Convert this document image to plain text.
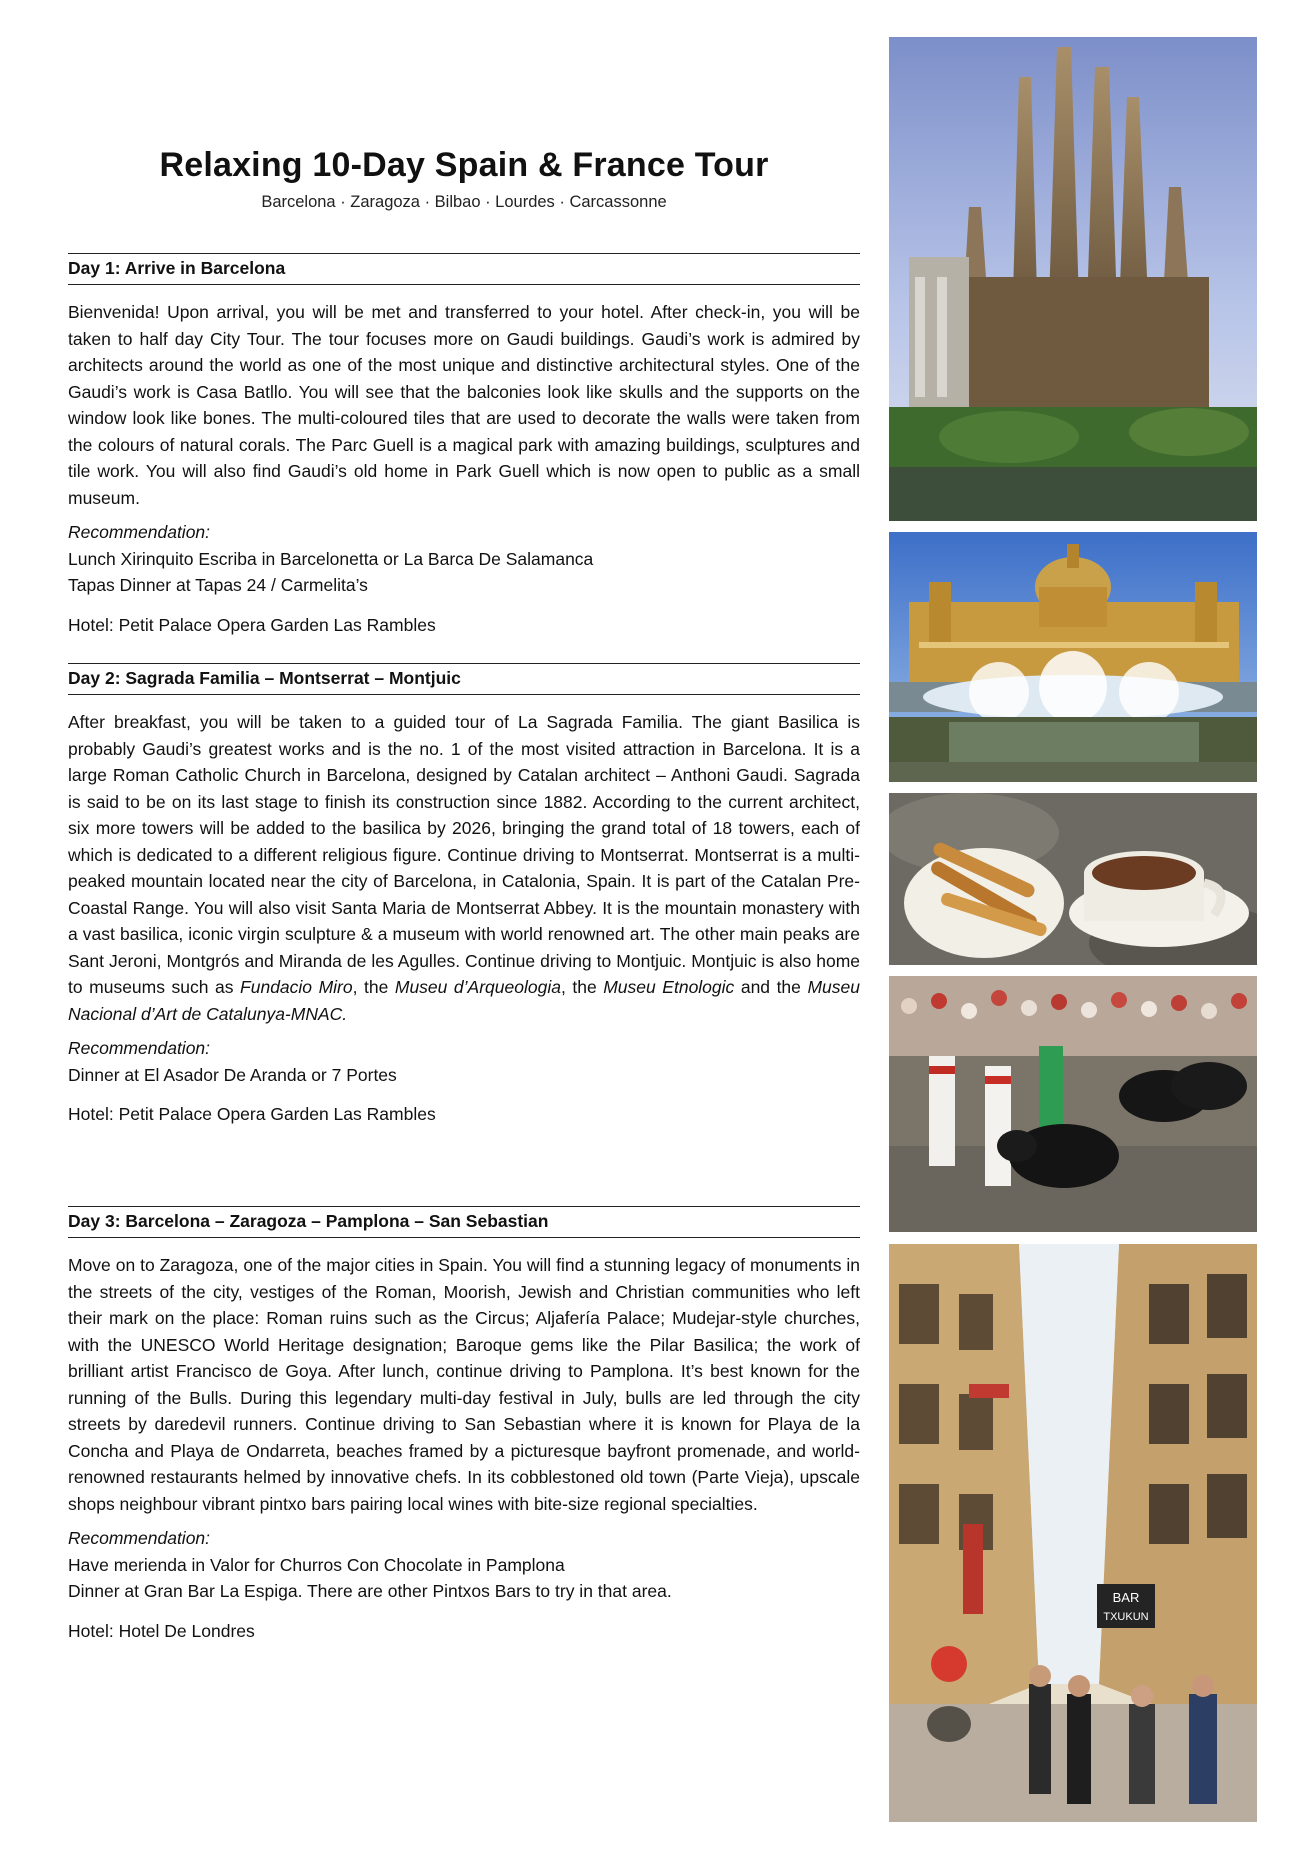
Relaxing 10-Day Spain & France Tour
Barcelona · Zaragoza · Bilbao · Lourdes · Carcassonne
Day 1: Arrive in Barcelona

Bienvenida! Upon arrival, you will be met and transferred to your hotel. After check-in, you will be taken to half day City Tour. The tour focuses more on Gaudi buildings. Gaudi’s work is admired by architects around the world as one of the most unique and distinctive architectural styles. One of the Gaudi’s work is Casa Batllo. You will see that the balconies look like skulls and the supports on the window look like bones. The multi-coloured tiles that are used to decorate the walls were taken from the colours of natural corals. The Parc Guell is a magical park with amazing buildings, sculptures and tile work. You will also find Gaudi’s old home in Park Guell which is now open to public as a small museum.

Recommendation:
Lunch Xirinquito Escriba in Barcelonetta or La Barca De Salamanca
Tapas Dinner at Tapas 24 / Carmelita’s
Hotel: Petit Palace Opera Garden Las Rambles
Day 2: Sagrada Familia – Montserrat – Montjuic

After breakfast, you will be taken to a guided tour of La Sagrada Familia. The giant Basilica is probably Gaudi’s greatest works and is the no. 1 of the most visited attraction in Barcelona. It is a large Roman Catholic Church in Barcelona, designed by Catalan architect – Anthoni Gaudi. Sagrada is said to be on its last stage to finish its construction since 1882. According to the current architect, six more towers will be added to the basilica by 2026, bringing the grand total of 18 towers, each of which is dedicated to a different religious figure. Continue driving to Montserrat. Montserrat is a multi-peaked mountain located near the city of Barcelona, in Catalonia, Spain. It is part of the Catalan Pre-Coastal Range. You will also visit Santa Maria de Montserrat Abbey. It is the mountain monastery with a vast basilica, iconic virgin sculpture & a museum with world renowned art. The other main peaks are Sant Jeroni, Montgrós and Miranda de les Agulles. Continue driving to Montjuic. Montjuic is also home to museums such as Fundacio Miro, the Museu d’Arqueologia, the Museu Etnologic and the Museu Nacional d’Art de Catalunya-MNAC.

Recommendation:
Dinner at El Asador De Aranda or 7 Portes
Hotel: Petit Palace Opera Garden Las Rambles
Day 3: Barcelona – Zaragoza – Pamplona – San Sebastian

Move on to Zaragoza, one of the major cities in Spain. You will find a stunning legacy of monuments in the streets of the city, vestiges of the Roman, Moorish, Jewish and Christian communities who left their mark on the place: Roman ruins such as the Circus; Aljafería Palace; Mudejar-style churches, with the UNESCO World Heritage designation; Baroque gems like the Pilar Basilica; the work of brilliant artist Francisco de Goya. After lunch, continue driving to Pamplona. It’s best known for the running of the Bulls. During this legendary multi-day festival in July, bulls are led through the city streets by daredevil runners. Continue driving to San Sebastian where it is known for Playa de la Concha and Playa de Ondarreta, beaches framed by a picturesque bayfront promenade, and world-renowned restaurants helmed by innovative chefs. In its cobblestoned old town (Parte Vieja), upscale shops neighbour vibrant pintxo bars pairing local wines with bite-size regional specialties.

Recommendation:
Have merienda in Valor for Churros Con Chocolate in Pamplona
Dinner at Gran Bar La Espiga. There are other Pintxos Bars to try in that area.
Hotel: Hotel De Londres
BAR
TXUKUN
